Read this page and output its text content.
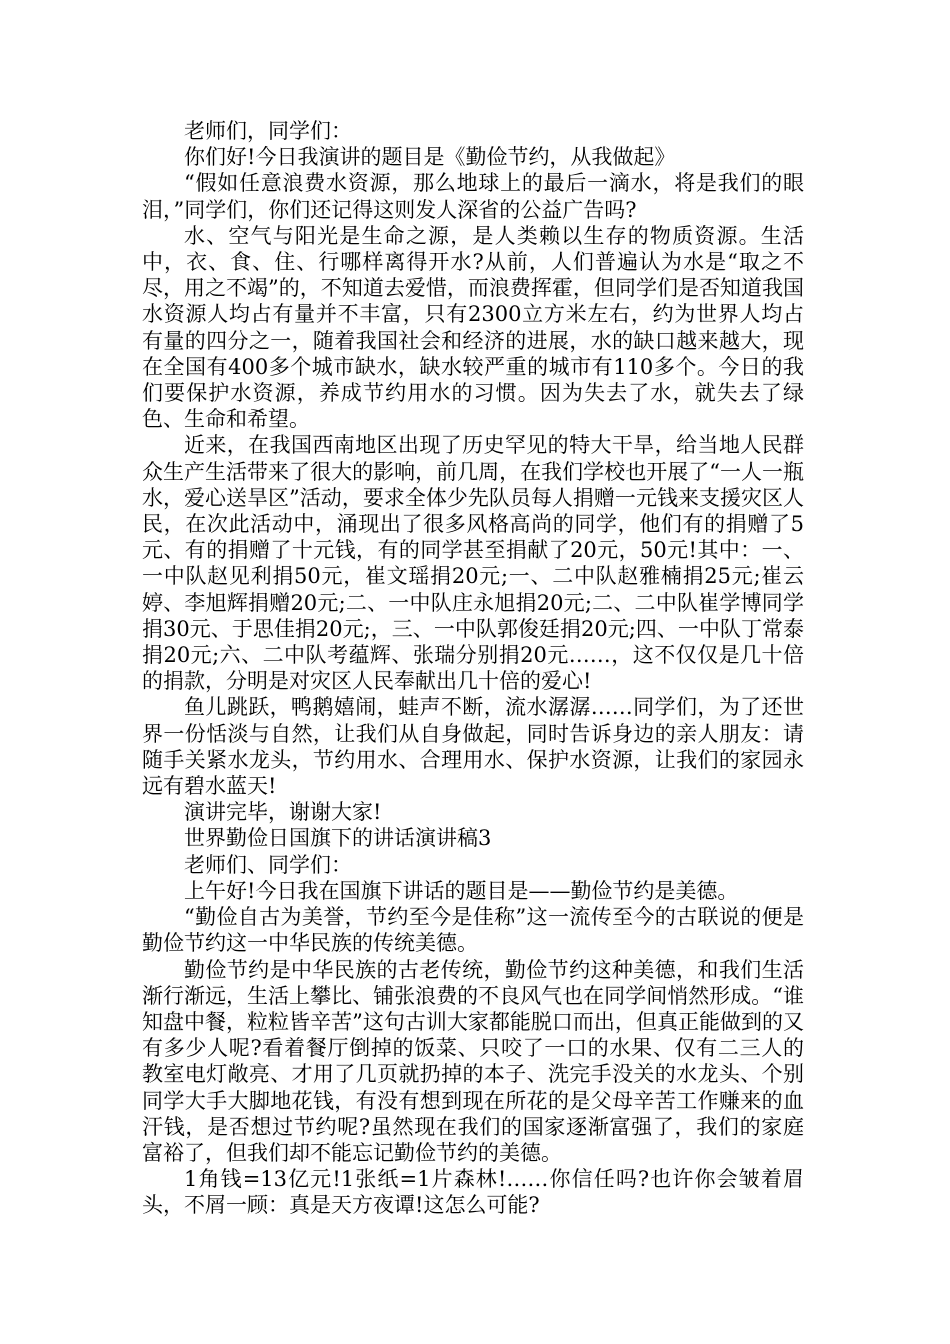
老师们，同学们：

你们好!今日我演讲的题目是《勤俭节约，从我做起》

“假如任意浪费水资源，那么地球上的最后一滴水，将是我们的眼泪，”同学们，你们还记得这则发人深省的公益广告吗?

水、空气与阳光是生命之源，是人类赖以生存的物质资源。生活中，衣、食、住、行哪样离得开水?从前，人们普遍认为水是“取之不尽，用之不竭”的，不知道去爱惜，而浪费挥霍，但同学们是否知道我国水资源人均占有量并不丰富，只有2300立方米左右，约为世界人均占有量的四分之一，随着我国社会和经济的进展，水的缺口越来越大，现在全国有400多个城市缺水，缺水较严重的城市有110多个。今日的我们要保护水资源，养成节约用水的习惯。因为失去了水，就失去了绿色、生命和希望。

近来，在我国西南地区出现了历史罕见的特大干旱，给当地人民群众生产生活带来了很大的影响，前几周，在我们学校也开展了“一人一瓶水，爱心送旱区”活动，要求全体少先队员每人捐赠一元钱来支援灾区人民，在次此活动中，涌现出了很多风格高尚的同学，他们有的捐赠了5元、有的捐赠了十元钱，有的同学甚至捐献了20元，50元!其中：一、一中队赵见利捐50元，崔文瑶捐20元;一、二中队赵雅楠捐25元;崔云婷、李旭辉捐赠20元;二、一中队庄永旭捐20元;二、二中队崔学博同学捐30元、于思佳捐20元;，三、一中队郭俊廷捐20元;四、一中队丁常泰捐20元;六、二中队考蕴辉、张瑞分别捐20元……，这不仅仅是几十倍的捐款，分明是对灾区人民奉献出几十倍的爱心!

鱼儿跳跃，鸭鹅嬉闹，蛙声不断，流水潺潺……同学们，为了还世界一份恬淡与自然，让我们从自身做起，同时告诉身边的亲人朋友：请随手关紧水龙头，节约用水、合理用水、保护水资源，让我们的家园永远有碧水蓝天!

演讲完毕，谢谢大家!

世界勤俭日国旗下的讲话演讲稿3

老师们、同学们：

上午好!今日我在国旗下讲话的题目是——勤俭节约是美德。

“勤俭自古为美誉，节约至今是佳称”这一流传至今的古联说的便是勤俭节约这一中华民族的传统美德。

勤俭节约是中华民族的古老传统，勤俭节约这种美德，和我们生活渐行渐远，生活上攀比、铺张浪费的不良风气也在同学间悄然形成。“谁知盘中餐，粒粒皆辛苦”这句古训大家都能脱口而出，但真正能做到的又有多少人呢?看着餐厅倒掉的饭菜、只咬了一口的水果、仅有二三人的教室电灯敞亮、才用了几页就扔掉的本子、洗完手没关的水龙头、个别同学大手大脚地花钱，有没有想到现在所花的是父母辛苦工作赚来的血汗钱，是否想过节约呢?虽然现在我们的国家逐渐富强了，我们的家庭富裕了，但我们却不能忘记勤俭节约的美德。

1角钱=13亿元!1张纸=1片森林!……你信任吗?也许你会皱着眉头，不屑一顾：真是天方夜谭!这怎么可能?
